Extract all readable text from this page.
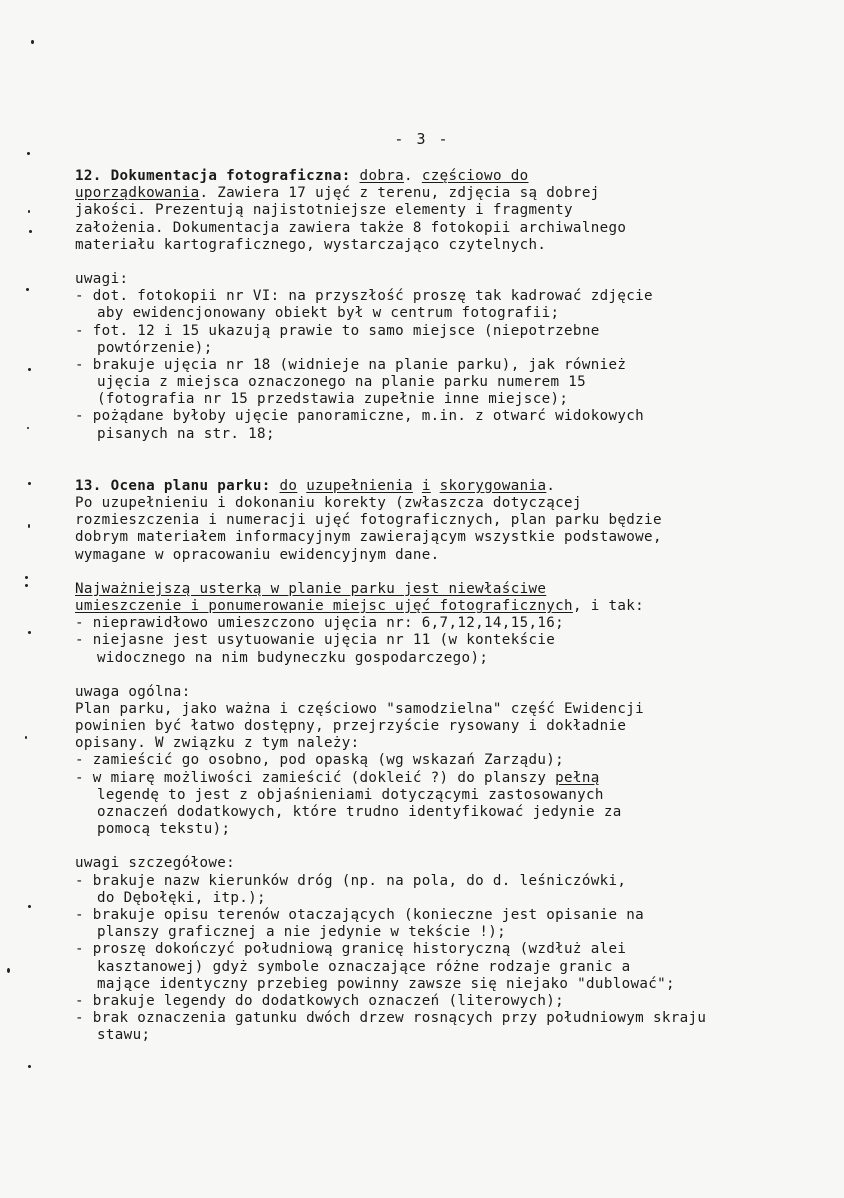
- 3 -
12. Dokumentacja fotograficzna: dobra. częściowo do
uporządkowania. Zawiera 17 ujęć z terenu, zdjęcia są dobrej
jakości. Prezentują najistotniejsze elementy i fragmenty
założenia. Dokumentacja zawiera także 8 fotokopii archiwalnego
materiału kartograficznego, wystarczająco czytelnych.
uwagi:
- dot. fotokopii nr VI: na przyszłość proszę tak kadrować zdjęcie
aby ewidencjonowany obiekt był w centrum fotografii;
- fot. 12 i 15 ukazują prawie to samo miejsce (niepotrzebne
powtórzenie);
- brakuje ujęcia nr 18 (widnieje na planie parku), jak również
ujęcia z miejsca oznaczonego na planie parku numerem 15
(fotografia nr 15 przedstawia zupełnie inne miejsce);
- pożądane byłoby ujęcie panoramiczne, m.in. z otwarć widokowych
pisanych na str. 18;
13. Ocena planu parku: do uzupełnienia i skorygowania.
Po uzupełnieniu i dokonaniu korekty (zwłaszcza dotyczącej
rozmieszczenia i numeracji ujęć fotograficznych, plan parku będzie
dobrym materiałem informacyjnym zawierającym wszystkie podstawowe,
wymagane w opracowaniu ewidencyjnym dane.
Najważniejszą usterką w planie parku jest niewłaściwe
umieszczenie i ponumerowanie miejsc ujęć fotograficznych, i tak:
- nieprawidłowo umieszczono ujęcia nr: 6,7,12,14,15,16;
- niejasne jest usytuowanie ujęcia nr 11 (w kontekście
widocznego na nim budyneczku gospodarczego);
uwaga ogólna:
Plan parku, jako ważna i częściowo "samodzielna" część Ewidencji
powinien być łatwo dostępny, przejrzyście rysowany i dokładnie
opisany. W związku z tym należy:
- zamieścić go osobno, pod opaską (wg wskazań Zarządu);
- w miarę możliwości zamieścić (dokleić ?) do planszy pełną
legendę to jest z objaśnieniami dotyczącymi zastosowanych
oznaczeń dodatkowych, które trudno identyfikować jedynie za
pomocą tekstu);
uwagi szczegółowe:
- brakuje nazw kierunków dróg (np. na pola, do d. leśniczówki,
do Dębołęki, itp.);
- brakuje opisu terenów otaczających (konieczne jest opisanie na
planszy graficznej a nie jedynie w tekście !);
- proszę dokończyć południową granicę historyczną (wzdłuż alei
kasztanowej) gdyż symbole oznaczające różne rodzaje granic a
mające identyczny przebieg powinny zawsze się niejako "dublować";
- brakuje legendy do dodatkowych oznaczeń (literowych);
- brak oznaczenia gatunku dwóch drzew rosnących przy południowym skraju
stawu;
